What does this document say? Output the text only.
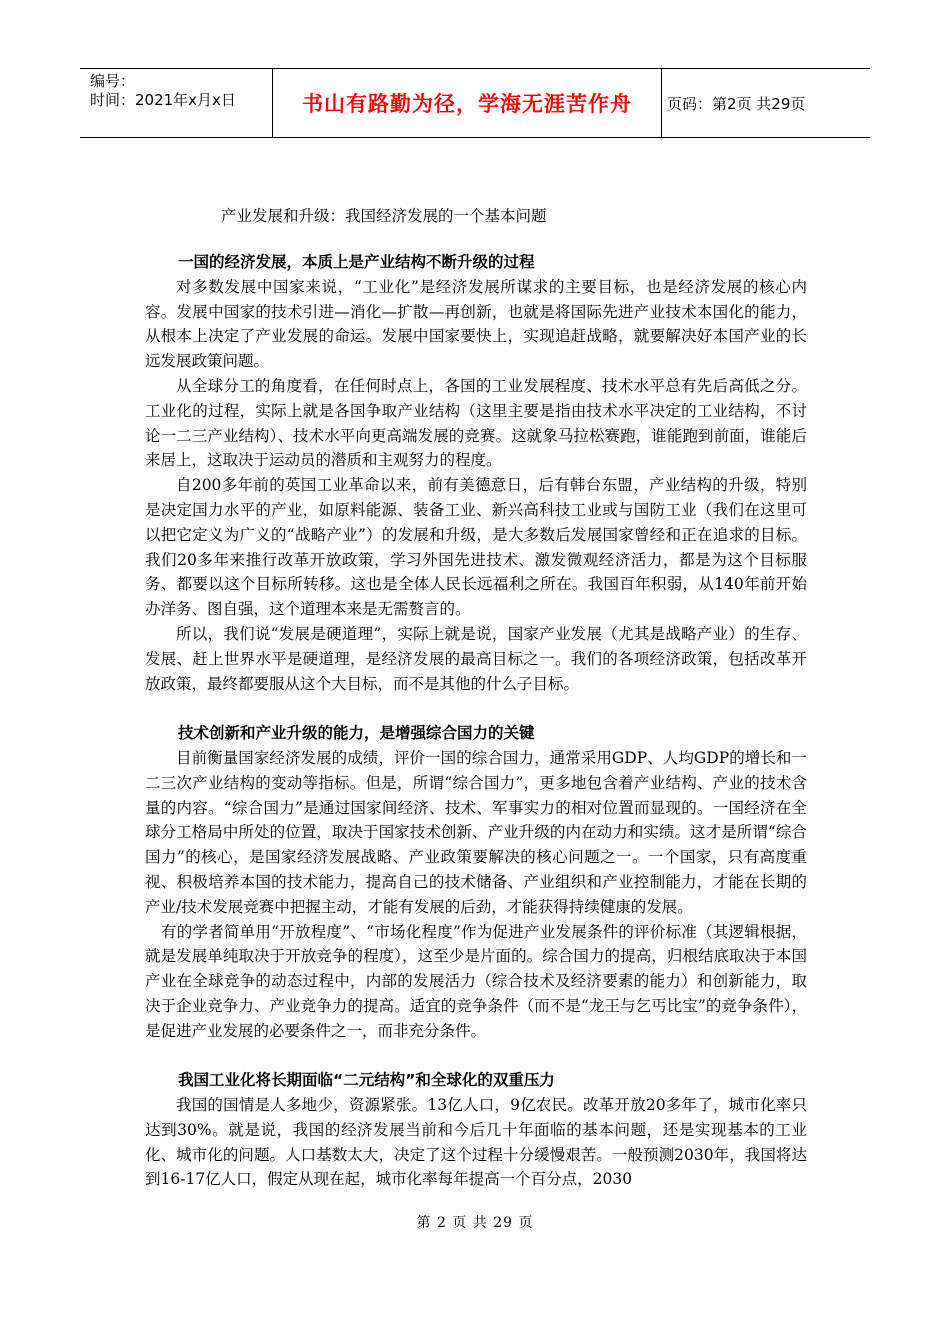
编号：
时间：2021年x月x日	书山有路勤为径，学海无涯苦作舟	页码：第2页 共29页
产业发展和升级：我国经济发展的一个基本问题
一国的经济发展，本质上是产业结构不断升级的过程

对多数发展中国家来说，“工业化”是经济发展所谋求的主要目标，也是经济发展的核心内容。发展中国家的技术引进—消化—扩散—再创新，也就是将国际先进产业技术本国化的能力，从根本上决定了产业发展的命运。发展中国家要快上，实现追赶战略，就要解决好本国产业的长远发展政策问题。

从全球分工的角度看，在任何时点上，各国的工业发展程度、技术水平总有先后高低之分。工业化的过程，实际上就是各国争取产业结构（这里主要是指由技术水平决定的工业结构，不讨论一二三产业结构）、技术水平向更高端发展的竞赛。这就象马拉松赛跑，谁能跑到前面，谁能后来居上，这取决于运动员的潜质和主观努力的程度。

自200多年前的英国工业革命以来，前有美德意日，后有韩台东盟，产业结构的升级，特别是决定国力水平的产业，如原料能源、装备工业、新兴高科技工业或与国防工业（我们在这里可以把它定义为广义的“战略产业”）的发展和升级，是大多数后发展国家曾经和正在追求的目标。我们20多年来推行改革开放政策，学习外国先进技术、激发微观经济活力，都是为这个目标服务、都要以这个目标所转移。这也是全体人民长远福利之所在。我国百年积弱，从140年前开始办洋务、图自强，这个道理本来是无需赘言的。

所以，我们说“发展是硬道理”，实际上就是说，国家产业发展（尤其是战略产业）的生存、发展、赶上世界水平是硬道理，是经济发展的最高目标之一。我们的各项经济政策，包括改革开放政策，最终都要服从这个大目标，而不是其他的什么子目标。

技术创新和产业升级的能力，是增强综合国力的关键

目前衡量国家经济发展的成绩，评价一国的综合国力，通常采用GDP、人均GDP的增长和一二三次产业结构的变动等指标。但是，所谓“综合国力”，更多地包含着产业结构、产业的技术含量的内容。“综合国力”是通过国家间经济、技术、军事实力的相对位置而显现的。一国经济在全球分工格局中所处的位置，取决于国家技术创新、产业升级的内在动力和实绩。这才是所谓“综合国力”的核心，是国家经济发展战略、产业政策要解决的核心问题之一。一个国家，只有高度重视、积极培养本国的技术能力，提高自己的技术储备、产业组织和产业控制能力，才能在长期的产业/技术发展竞赛中把握主动，才能有发展的后劲，才能获得持续健康的发展。

有的学者简单用“开放程度”、“市场化程度”作为促进产业发展条件的评价标准（其逻辑根据，就是发展单纯取决于开放竞争的程度），这至少是片面的。综合国力的提高，归根结底取决于本国产业在全球竞争的动态过程中，内部的发展活力（综合技术及经济要素的能力）和创新能力，取决于企业竞争力、产业竞争力的提高。适宜的竞争条件（而不是“龙王与乞丐比宝”的竞争条件），是促进产业发展的必要条件之一，而非充分条件。

我国工业化将长期面临“二元结构”和全球化的双重压力

我国的国情是人多地少，资源紧张。13亿人口，9亿农民。改革开放20多年了，城市化率只达到30%。就是说，我国的经济发展当前和今后几十年面临的基本问题，还是实现基本的工业化、城市化的问题。人口基数太大，决定了这个过程十分缓慢艰苦。一般预测2030年，我国将达到16-17亿人口，假定从现在起，城市化率每年提高一个百分点，2030

第 2 页 共 29 页
